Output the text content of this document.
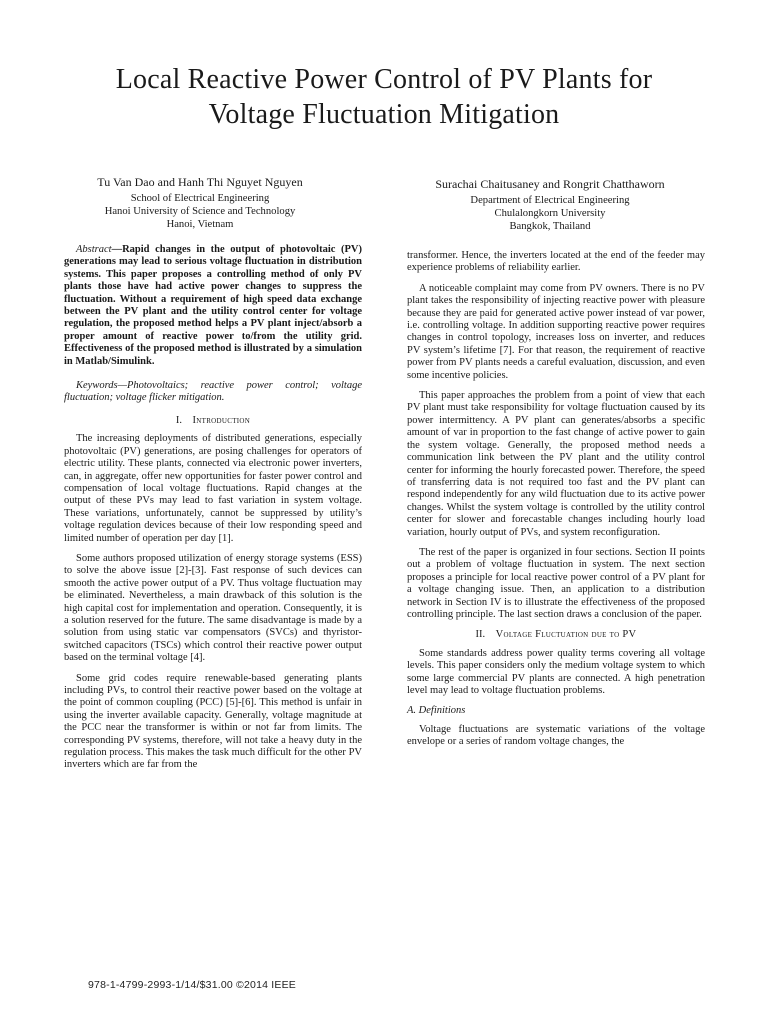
Local Reactive Power Control of PV Plants for
Voltage Fluctuation Mitigation
Tu Van Dao and Hanh Thi Nguyet Nguyen
School of Electrical Engineering
Hanoi University of Science and Technology
Hanoi, Vietnam
Surachai Chaitusaney and Rongrit Chatthaworn
Department of Electrical Engineering
Chulalongkorn University
Bangkok, Thailand

Abstract—Rapid changes in the output of photovoltaic (PV) generations may lead to serious voltage fluctuation in distribution systems. This paper proposes a controlling method of only PV plants those have had active power changes to suppress the fluctuation. Without a requirement of high speed data exchange between the PV plant and the utility control center for voltage regulation, the proposed method helps a PV plant inject/absorb a proper amount of reactive power to/from the utility grid. Effectiveness of the proposed method is illustrated by a simulation in Matlab/Simulink.

Keywords—Photovoltaics; reactive power control; voltage fluctuation; voltage flicker mitigation.

I. Introduction

The increasing deployments of distributed generations, especially photovoltaic (PV) generations, are posing challenges for operators of electric utility. These plants, connected via electronic power inverters, can, in aggregate, offer new opportunities for faster power control and compensation of local voltage fluctuations. Rapid changes at the output of these PVs may lead to fast variation in system voltage. These variations, unfortunately, cannot be suppressed by utility’s voltage regulation devices because of their low responding speed and limited number of operation per day [1].

Some authors proposed utilization of energy storage systems (ESS) to solve the above issue [2]-[3]. Fast response of such devices can smooth the active power output of a PV. Thus voltage fluctuation may be eliminated. Nevertheless, a main drawback of this solution is the high capital cost for implementation and operation. Consequently, it is a solution reserved for the future. The same disadvantage is made by a solution from using static var compensators (SVCs) and thyristor-switched capacitors (TSCs) which control their reactive power output based on the terminal voltage [4].

Some grid codes require renewable-based generating plants including PVs, to control their reactive power based on the voltage at the point of common coupling (PCC) [5]-[6]. This method is unfair in using the inverter available capacity. Generally, voltage magnitude at the PCC near the transformer is within or not far from limits. The corresponding PV systems, therefore, will not take a heavy duty in the regulation process. This makes the task much difficult for the other PV inverters which are far from the

transformer. Hence, the inverters located at the end of the feeder may experience problems of reliability earlier.

A noticeable complaint may come from PV owners. There is no PV plant takes the responsibility of injecting reactive power with pleasure because they are paid for generated active power instead of var power, i.e. controlling voltage. In addition supporting reactive power requires changes in control topology, increases loss on inverter, and reduces PV system’s lifetime [7]. For that reason, the requirement of reactive power from PV plants needs a careful evaluation, discussion, and even some incentive policies.

This paper approaches the problem from a point of view that each PV plant must take responsibility for voltage fluctuation caused by its power intermittency. A PV plant can generates/absorbs a specific amount of var in proportion to the fast change of active power to gain the system voltage. Generally, the proposed method needs a communication link between the PV plant and the utility control center for informing the hourly forecasted power. Therefore, the speed of transferring data is not required too fast and the PV plant can respond independently for any wild fluctuation due to its active power changes. Whilst the system voltage is controlled by the utility control center for slower and forecastable changes including hourly load variation, hourly output of PVs, and system reconfiguration.

The rest of the paper is organized in four sections. Section II points out a problem of voltage fluctuation in system. The next section proposes a principle for local reactive power control of a PV plant for a voltage changing issue. Then, an application to a distribution network in Section IV is to illustrate the effectiveness of the proposed controlling principle. The last section draws a conclusion of the paper.

II. Voltage Fluctuation due to PV

Some standards address power quality terms covering all voltage levels. This paper considers only the medium voltage system to which some large commercial PV plants are connected. A high penetration level may lead to voltage fluctuation problems.

A. Definitions

Voltage fluctuations are systematic variations of the voltage envelope or a series of random voltage changes, the

978-1-4799-2993-1/14/$31.00 ©2014 IEEE
